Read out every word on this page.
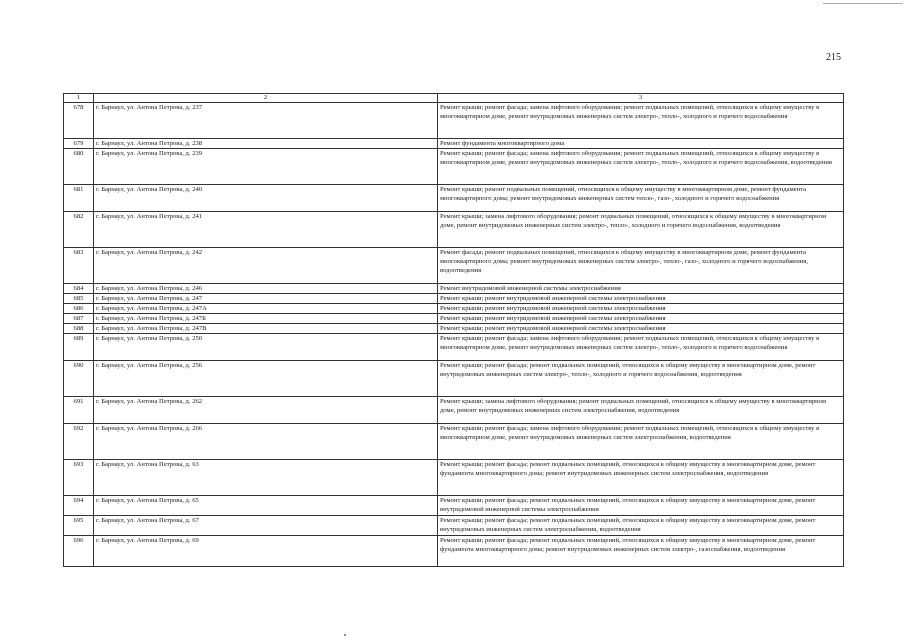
215
1	2	3
678	г. Барнаул, ул. Антона Петрова, д. 237	Ремонт крыши; ремонт фасада; замена лифтового оборудования; ремонт подвальных помещений, относящихся к общему имуществу в многоквартирном доме, ремонт внутридомовых инженерных систем электро-, тепло-, холодного и горячего водоснабжения
679	г. Барнаул, ул. Антона Петрова, д. 238	Ремонт фундамента многоквартирного дома
680	г. Барнаул, ул. Антона Петрова, д. 239	Ремонт крыши; ремонт фасада; замена лифтового оборудования; ремонт подвальных помещений, относящихся к общему имуществу в многоквартирном доме, ремонт внутридомовых инженерных систем электро-, тепло-, холодного и горячего водоснабжения, водоотведения
681	г. Барнаул, ул. Антона Петрова, д. 240	Ремонт крыши; ремонт подвальных помещений, относящихся к общему имуществу в многоквартирном доме, ремонт фундамента многоквартирного дома; ремонт внутридомовых инженерных систем тепло-, газо-, холодного и горячего водоснабжения
682	г. Барнаул, ул. Антона Петрова, д. 241	Ремонт крыши; замена лифтового оборудования; ремонт подвальных помещений, относящихся к общему имуществу в многоквартирном доме, ремонт внутридомовых инженерных систем электро-, тепло-, холодного и горячего водоснабжения, водоотведения
683	г. Барнаул, ул. Антона Петрова, д. 242	Ремонт фасада; ремонт подвальных помещений, относящихся к общему имуществу в многоквартирном доме, ремонт фундамента многоквартирного дома; ремонт внутридомовых инженерных систем электро-, тепло-, газо-, холодного и горячего водоснабжения, водоотведения
684	г. Барнаул, ул. Антона Петрова, д. 246	Ремонт внутридомовой инженерной системы электроснабжения
685	г. Барнаул, ул. Антона Петрова, д. 247	Ремонт крыши; ремонт внутридомовой инженерной системы электроснабжения
686	г. Барнаул, ул. Антона Петрова, д. 247А	Ремонт крыши; ремонт внутридомовой инженерной системы электроснабжения
687	г. Барнаул, ул. Антона Петрова, д. 247Б	Ремонт крыши; ремонт внутридомовой инженерной системы электроснабжения
688	г. Барнаул, ул. Антона Петрова, д. 247В	Ремонт крыши; ремонт внутридомовой инженерной системы электроснабжения
689	г. Барнаул, ул. Антона Петрова, д. 250	Ремонт крыши; ремонт фасада; замена лифтового оборудования; ремонт подвальных помещений, относящихся к общему имуществу в многоквартирном доме, ремонт внутридомовых инженерных систем электро-, тепло-, холодного и горячего водоснабжения
690	г. Барнаул, ул. Антона Петрова, д. 256	Ремонт крыши; ремонт фасада; ремонт подвальных помещений, относящихся к общему имуществу в многоквартирном доме, ремонт внутридомовых инженерных систем электро-, тепло-, холодного и горячего водоснабжения, водоотведения
691	г. Барнаул, ул. Антона Петрова, д. 262	Ремонт крыши; замена лифтового оборудования; ремонт подвальных помещений, относящихся к общему имуществу в многоквартирном доме, ремонт внутридомовых инженерных систем электроснабжения, водоотведения
692	г. Барнаул, ул. Антона Петрова, д. 266	Ремонт крыши; ремонт фасада; замена лифтового оборудования; ремонт подвальных помещений, относящихся к общему имуществу в многоквартирном доме, ремонт внутридомовых инженерных систем электроснабжения, водоотведения
693	г. Барнаул, ул. Антона Петрова, д. 63	Ремонт крыши; ремонт фасада; ремонт подвальных помещений, относящихся к общему имуществу в многоквартирном доме, ремонт фундамента многоквартирного дома; ремонт внутридомовых инженерных систем электроснабжения, водоотведения
694	г. Барнаул, ул. Антона Петрова, д. 65	Ремонт крыши; ремонт фасада; ремонт подвальных помещений, относящихся к общему имуществу в многоквартирном доме, ремонт внутридомовой инженерной системы электроснабжения
695	г. Барнаул, ул. Антона Петрова, д. 67	Ремонт крыши; ремонт фасада; ремонт подвальных помещений, относящихся к общему имуществу в многоквартирном доме, ремонт внутридомовых инженерных систем электроснабжения, водоотведения
696	г. Барнаул, ул. Антона Петрова, д. 69	Ремонт крыши; ремонт фасада; ремонт подвальных помещений, относящихся к общему имуществу в многоквартирном доме, ремонт фундамента многоквартирного дома; ремонт внутридомовых инженерных систем электро-, газоснабжения, водоотведения
